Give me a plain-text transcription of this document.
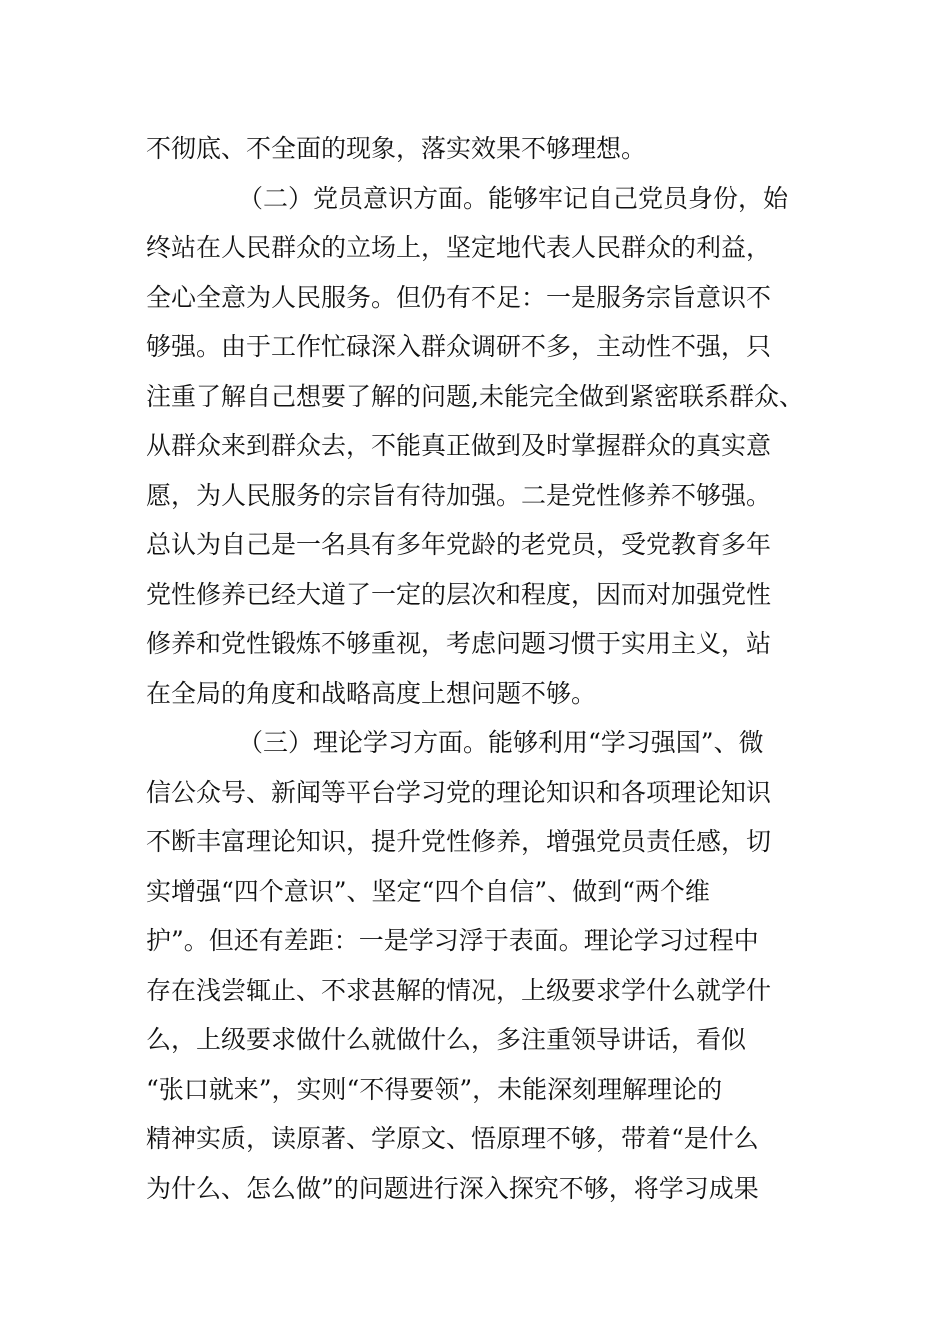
不彻底、不全面的现象，落实效果不够理想。
（二）党员意识方面。能够牢记自己党员身份，始
终站在人民群众的立场上，坚定地代表人民群众的利益，
全心全意为人民服务。但仍有不足：一是服务宗旨意识不
够强。由于工作忙碌深入群众调研不多，主动性不强，只
注重了解自己想要了解的问题,未能完全做到紧密联系群众、
从群众来到群众去，不能真正做到及时掌握群众的真实意
愿，为人民服务的宗旨有待加强。二是党性修养不够强。
总认为自己是一名具有多年党龄的老党员，受党教育多年
党性修养已经大道了一定的层次和程度，因而对加强党性
修养和党性锻炼不够重视，考虑问题习惯于实用主义，站
在全局的角度和战略高度上想问题不够。
（三）理论学习方面。能够利用“学习强国”、微
信公众号、新闻等平台学习党的理论知识和各项理论知识
不断丰富理论知识，提升党性修养，增强党员责任感，切
实增强“四个意识”、坚定“四个自信”、做到“两个维
护”。但还有差距：一是学习浮于表面。理论学习过程中
存在浅尝辄止、不求甚解的情况，上级要求学什么就学什
么，上级要求做什么就做什么，多注重领导讲话，看似
“张口就来”，实则“不得要领”，未能深刻理解理论的
精神实质，读原著、学原文、悟原理不够，带着“是什么
为什么、怎么做”的问题进行深入探究不够，将学习成果
